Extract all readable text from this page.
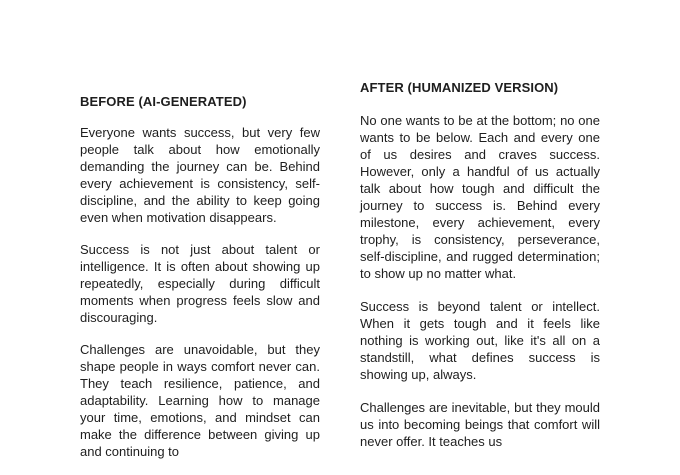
BEFORE (AI-GENERATED)

Everyone wants success, but very few people talk about how emotionally demanding the journey can be. Behind every achievement is consistency, self-discipline, and the ability to keep going even when motivation disappears.

Success is not just about talent or intelligence. It is often about showing up repeatedly, especially during difficult moments when progress feels slow and discouraging.

Challenges are unavoidable, but they shape people in ways comfort never can. They teach resilience, patience, and adaptability. Learning how to manage your time, emotions, and mindset can make the difference between giving up and continuing to

AFTER (HUMANIZED VERSION)

No one wants to be at the bottom; no one wants to be below. Each and every one of us desires and craves success. However, only a handful of us actually talk about how tough and difficult the journey to success is. Behind every milestone, every achievement, every trophy, is consistency, perseverance, self-discipline, and rugged determination; to show up no matter what.

Success is beyond talent or intellect. When it gets tough and it feels like nothing is working out, like it's all on a standstill, what defines success is showing up, always.

Challenges are inevitable, but they mould us into becoming beings that comfort will never offer. It teaches us
